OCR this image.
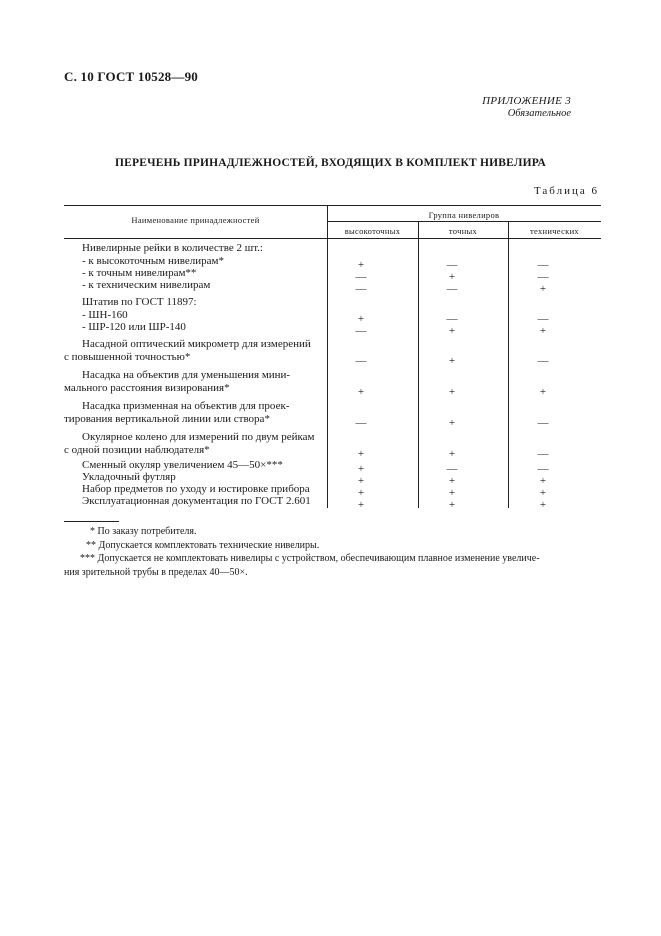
С. 10 ГОСТ 10528—90
ПРИЛОЖЕНИЕ 3
Обязательное
ПЕРЕЧЕНЬ ПРИНАДЛЕЖНОСТЕЙ, ВХОДЯЩИХ В КОМПЛЕКТ НИВЕЛИРА
Таблица 6
Наименование принадлежностей	Группа нивелиров
высокоточных	точных	технических
Нивелирные рейки в количестве 2 шт.:
- к высокоточным нивелирам*	+	—	—
- к точным нивелирам**	—	+	—
- к техническим нивелирам	—	—	+
Штатив по ГОСТ 11897:
- ШН-160	+	—	—
- ШР-120 или ШР-140	—	+	+
Насадной оптический микрометр для измерений
с повышенной точностью*	—	+	—
Насадка на объектив для уменьшения мини-
мального расстояния визирования*	+	+	+
Насадка призменная на объектив для проек-
тирования вертикальной линии или створа*	—	+	—
Окулярное колено для измерений по двум рейкам
с одной позиции наблюдателя*	+	+	—
Сменный окуляр увеличением 45—50×***	+	—	—
Укладочный футляр	+	+	+
Набор предметов по уходу и юстировке прибора	+	+	+
Эксплуатационная документация по ГОСТ 2.601	+	+	+
* По заказу потребителя.
** Допускается комплектовать технические нивелиры.
*** Допускается не комплектовать нивелиры с устройством, обеспечивающим плавное изменение увеличе-
ния зрительной трубы в пределах 40—50×.
